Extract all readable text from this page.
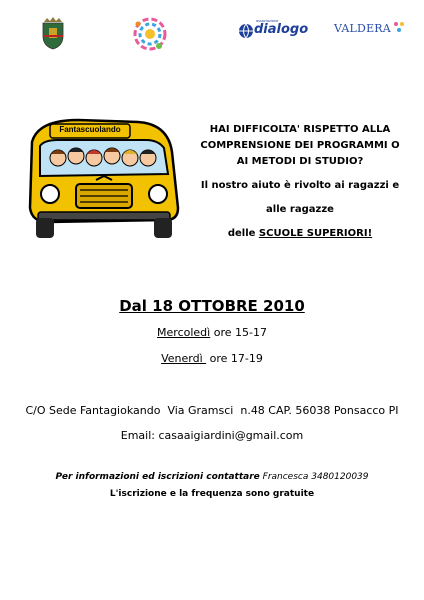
associazione
dialogo VALDERA
Fantascuolando	HAI DIFFICOLTA' RISPETTO ALLA

COMPRENSIONE DEI PROGRAMMI O

AI METODI DI STUDIO?

Il nostro aiuto è rivolto ai ragazzi e

alle ragazze

delle SCUOLE SUPERIORI!

Dal 18 OTTOBRE 2010
Mercoledì ore 15-17
Venerdì  ore 17-19
C/O Sede Fantagiokando  Via Gramsci  n.48 CAP. 56038 Ponsacco PI
Email: casaaigiardini@gmail.com
Per informazioni ed iscrizioni contattare Francesca 3480120039
L'iscrizione e la frequenza sono gratuite
